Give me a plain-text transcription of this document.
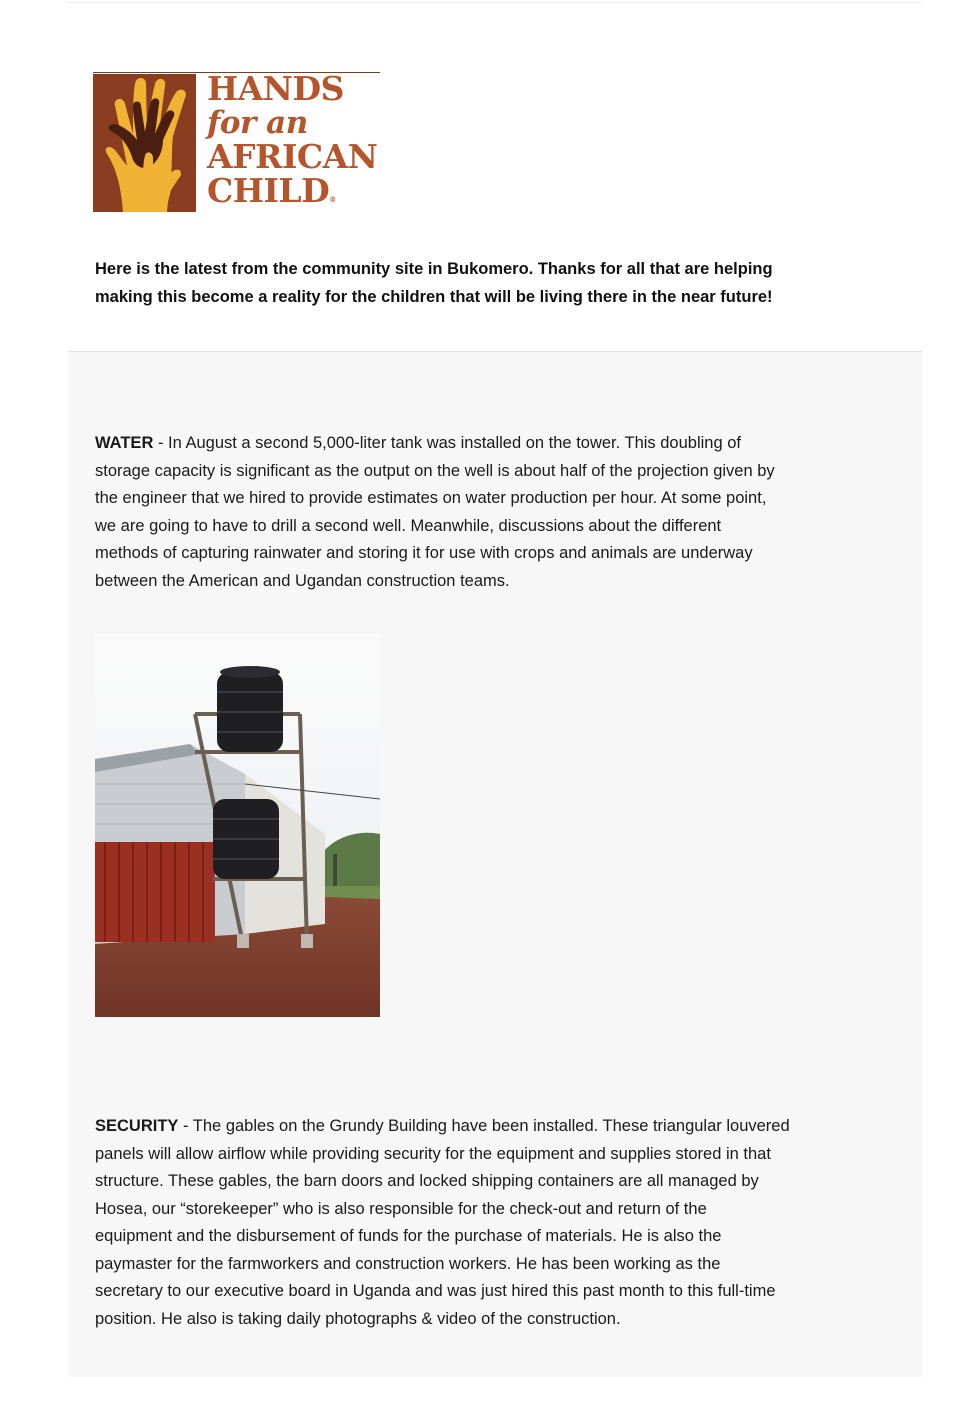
HANDS
for an
AFRICAN
CHILD®

Here is the latest from the community site in Bukomero. Thanks for all that are helping

making this become a reality for the children that will be living there in the near future!

WATER - In August a second 5,000-liter tank was installed on the tower. This doubling of

storage capacity is significant as the output on the well is about half of the projection given by

the engineer that we hired to provide estimates on water production per hour. At some point,

we are going to have to drill a second well. Meanwhile, discussions about the different

methods of capturing rainwater and storing it for use with crops and animals are underway

between the American and Ugandan construction teams.

SECURITY - The gables on the Grundy Building have been installed. These triangular louvered

panels will allow airflow while providing security for the equipment and supplies stored in that

structure. These gables, the barn doors and locked shipping containers are all managed by

Hosea, our “storekeeper” who is also responsible for the check-out and return of the

equipment and the disbursement of funds for the purchase of materials. He is also the

paymaster for the farmworkers and construction workers. He has been working as the

secretary to our executive board in Uganda and was just hired this past month to this full-time

position. He also is taking daily photographs & video of the construction.
